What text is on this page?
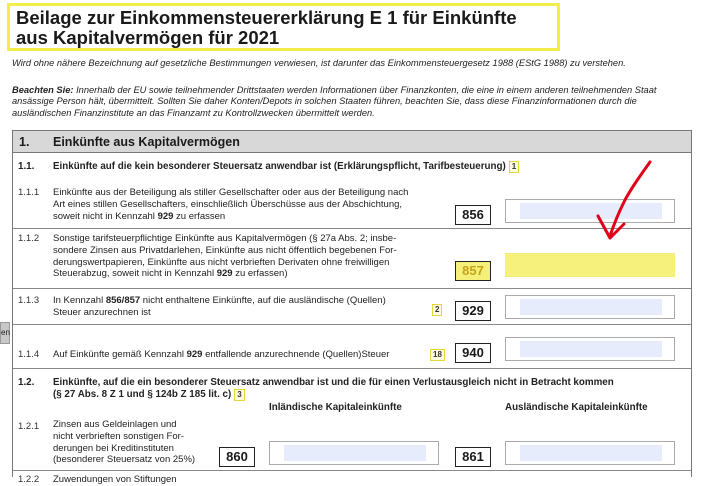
Beilage zur Einkommensteuererklärung E 1 für Einkünfte
aus Kapitalvermögen für 2021
Wird ohne nähere Bezeichnung auf gesetzliche Bestimmungen verwiesen, ist darunter das Einkommensteuergesetz 1988 (EStG 1988) zu verstehen.
Beachten Sie: Innerhalb der EU sowie teilnehmender Drittstaaten werden Informationen über Finanzkonten, die eine in einem anderen teilnehmenden Staat ansässige Person hält, übermittelt. Sollten Sie daher Konten/Depots in solchen Staaten führen, beachten Sie, dass diese Finanzinformationen durch die ausländischen Finanzinstitute an das Finanzamt zu Kontrollzwecken übermittelt werden.
en
1. Einkünfte aus Kapitalvermögen
1.1. Einkünfte auf die kein besonderer Steuersatz anwendbar ist (Erklärungspflicht, Tarifbesteuerung) 1
1.1.1 Einkünfte aus der Beteiligung als stiller Gesellschafter oder aus der Beteiligung nach
Art eines stillen Gesellschafters, einschließlich Überschüsse aus der Abschichtung,
soweit nicht in Kennzahl 929 zu erfassen	856
1.1.2 Sonstige tarifsteuerpflichtige Einkünfte aus Kapitalvermögen (§ 27a Abs. 2; insbe-
sondere Zinsen aus Privatdarlehen, Einkünfte aus nicht öffentlich begebenen For-
derungswertpapieren, Einkünfte aus nicht verbrieften Derivaten ohne freiwilligen
Steuerabzug, soweit nicht in Kennzahl 929 zu erfassen)	857
1.1.3 In Kennzahl 856/857 nicht enthaltene Einkünfte, auf die ausländische (Quellen)
Steuer anzurechnen ist	2	929
1.1.4 Auf Einkünfte gemäß Kennzahl 929 entfallende anzurechnende (Quellen)Steuer	18	940
1.2. Einkünfte, auf die ein besonderer Steuersatz anwendbar ist und die für einen Verlustausgleich nicht in Betracht kommen
(§ 27 Abs. 8 Z 1 und § 124b Z 185 lit. c) 3
Inländische Kapitaleinkünfte	Ausländische Kapitaleinkünfte
1.2.1 Zinsen aus Geldeinlagen und
nicht verbrieften sonstigen For-
derungen bei Kreditinstituten
(besonderer Steuersatz von 25%)	860	861
1.2.2 Zuwendungen von Stiftungen
